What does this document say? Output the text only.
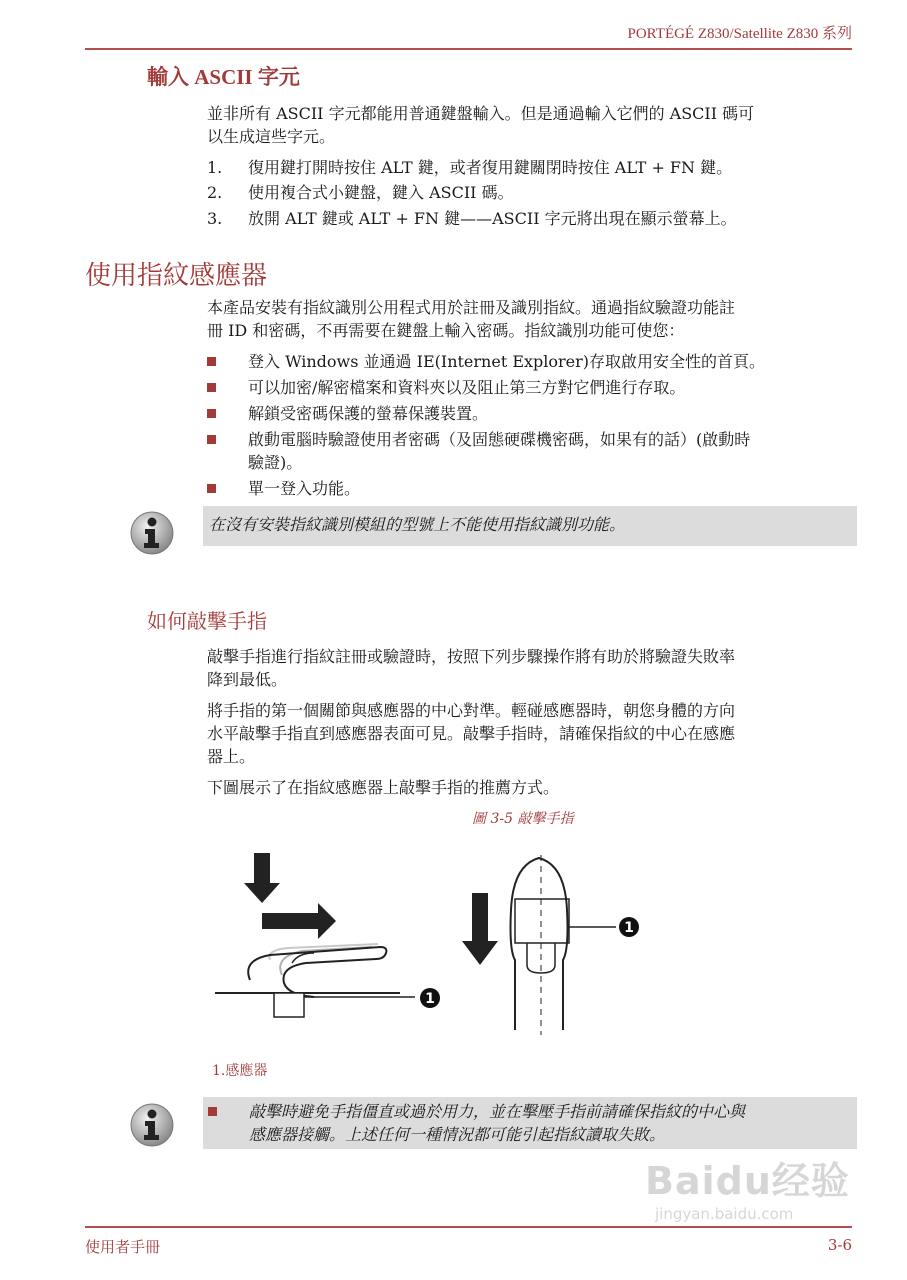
PORTÉGÉ Z830/Satellite Z830 系列
輸入 ASCII 字元
並非所有 ASCII 字元都能用普通鍵盤輸入。但是通過輸入它們的 ASCII 碼可
以生成這些字元。
1. 復用鍵打開時按住 ALT 鍵，或者復用鍵關閉時按住 ALT + FN 鍵。
2. 使用複合式小鍵盤，鍵入 ASCII 碼。
3. 放開 ALT 鍵或 ALT + FN 鍵——ASCII 字元將出現在顯示螢幕上。
使用指紋感應器
本產品安裝有指紋識別公用程式用於註冊及識別指紋。通過指紋驗證功能註
冊 ID 和密碼，不再需要在鍵盤上輸入密碼。指紋識別功能可使您：
登入 Windows 並通過 IE(Internet Explorer)存取啟用安全性的首頁。
可以加密/解密檔案和資料夾以及阻止第三方對它們進行存取。
解鎖受密碼保護的螢幕保護裝置。
啟動電腦時驗證使用者密碼（及固態硬碟機密碼，如果有的話）(啟動時
驗證)。
單一登入功能。
在沒有安裝指紋識別模組的型號上不能使用指紋識別功能。
如何敲擊手指
敲擊手指進行指紋註冊或驗證時，按照下列步驟操作將有助於將驗證失敗率
降到最低。
將手指的第一個關節與感應器的中心對準。輕碰感應器時，朝您身體的方向
水平敲擊手指直到感應器表面可見。敲擊手指時，請確保指紋的中心在感應
器上。
下圖展示了在指紋感應器上敲擊手指的推薦方式。
圖 3-5 敲擊手指
1
1
1.感應器
敲擊時避免手指僵直或過於用力，並在擊壓手指前請確保指紋的中心與
感應器接觸。上述任何一種情況都可能引起指紋讀取失敗。
Baidu经验
jingyan.baidu.com
使用者手冊	3-6
